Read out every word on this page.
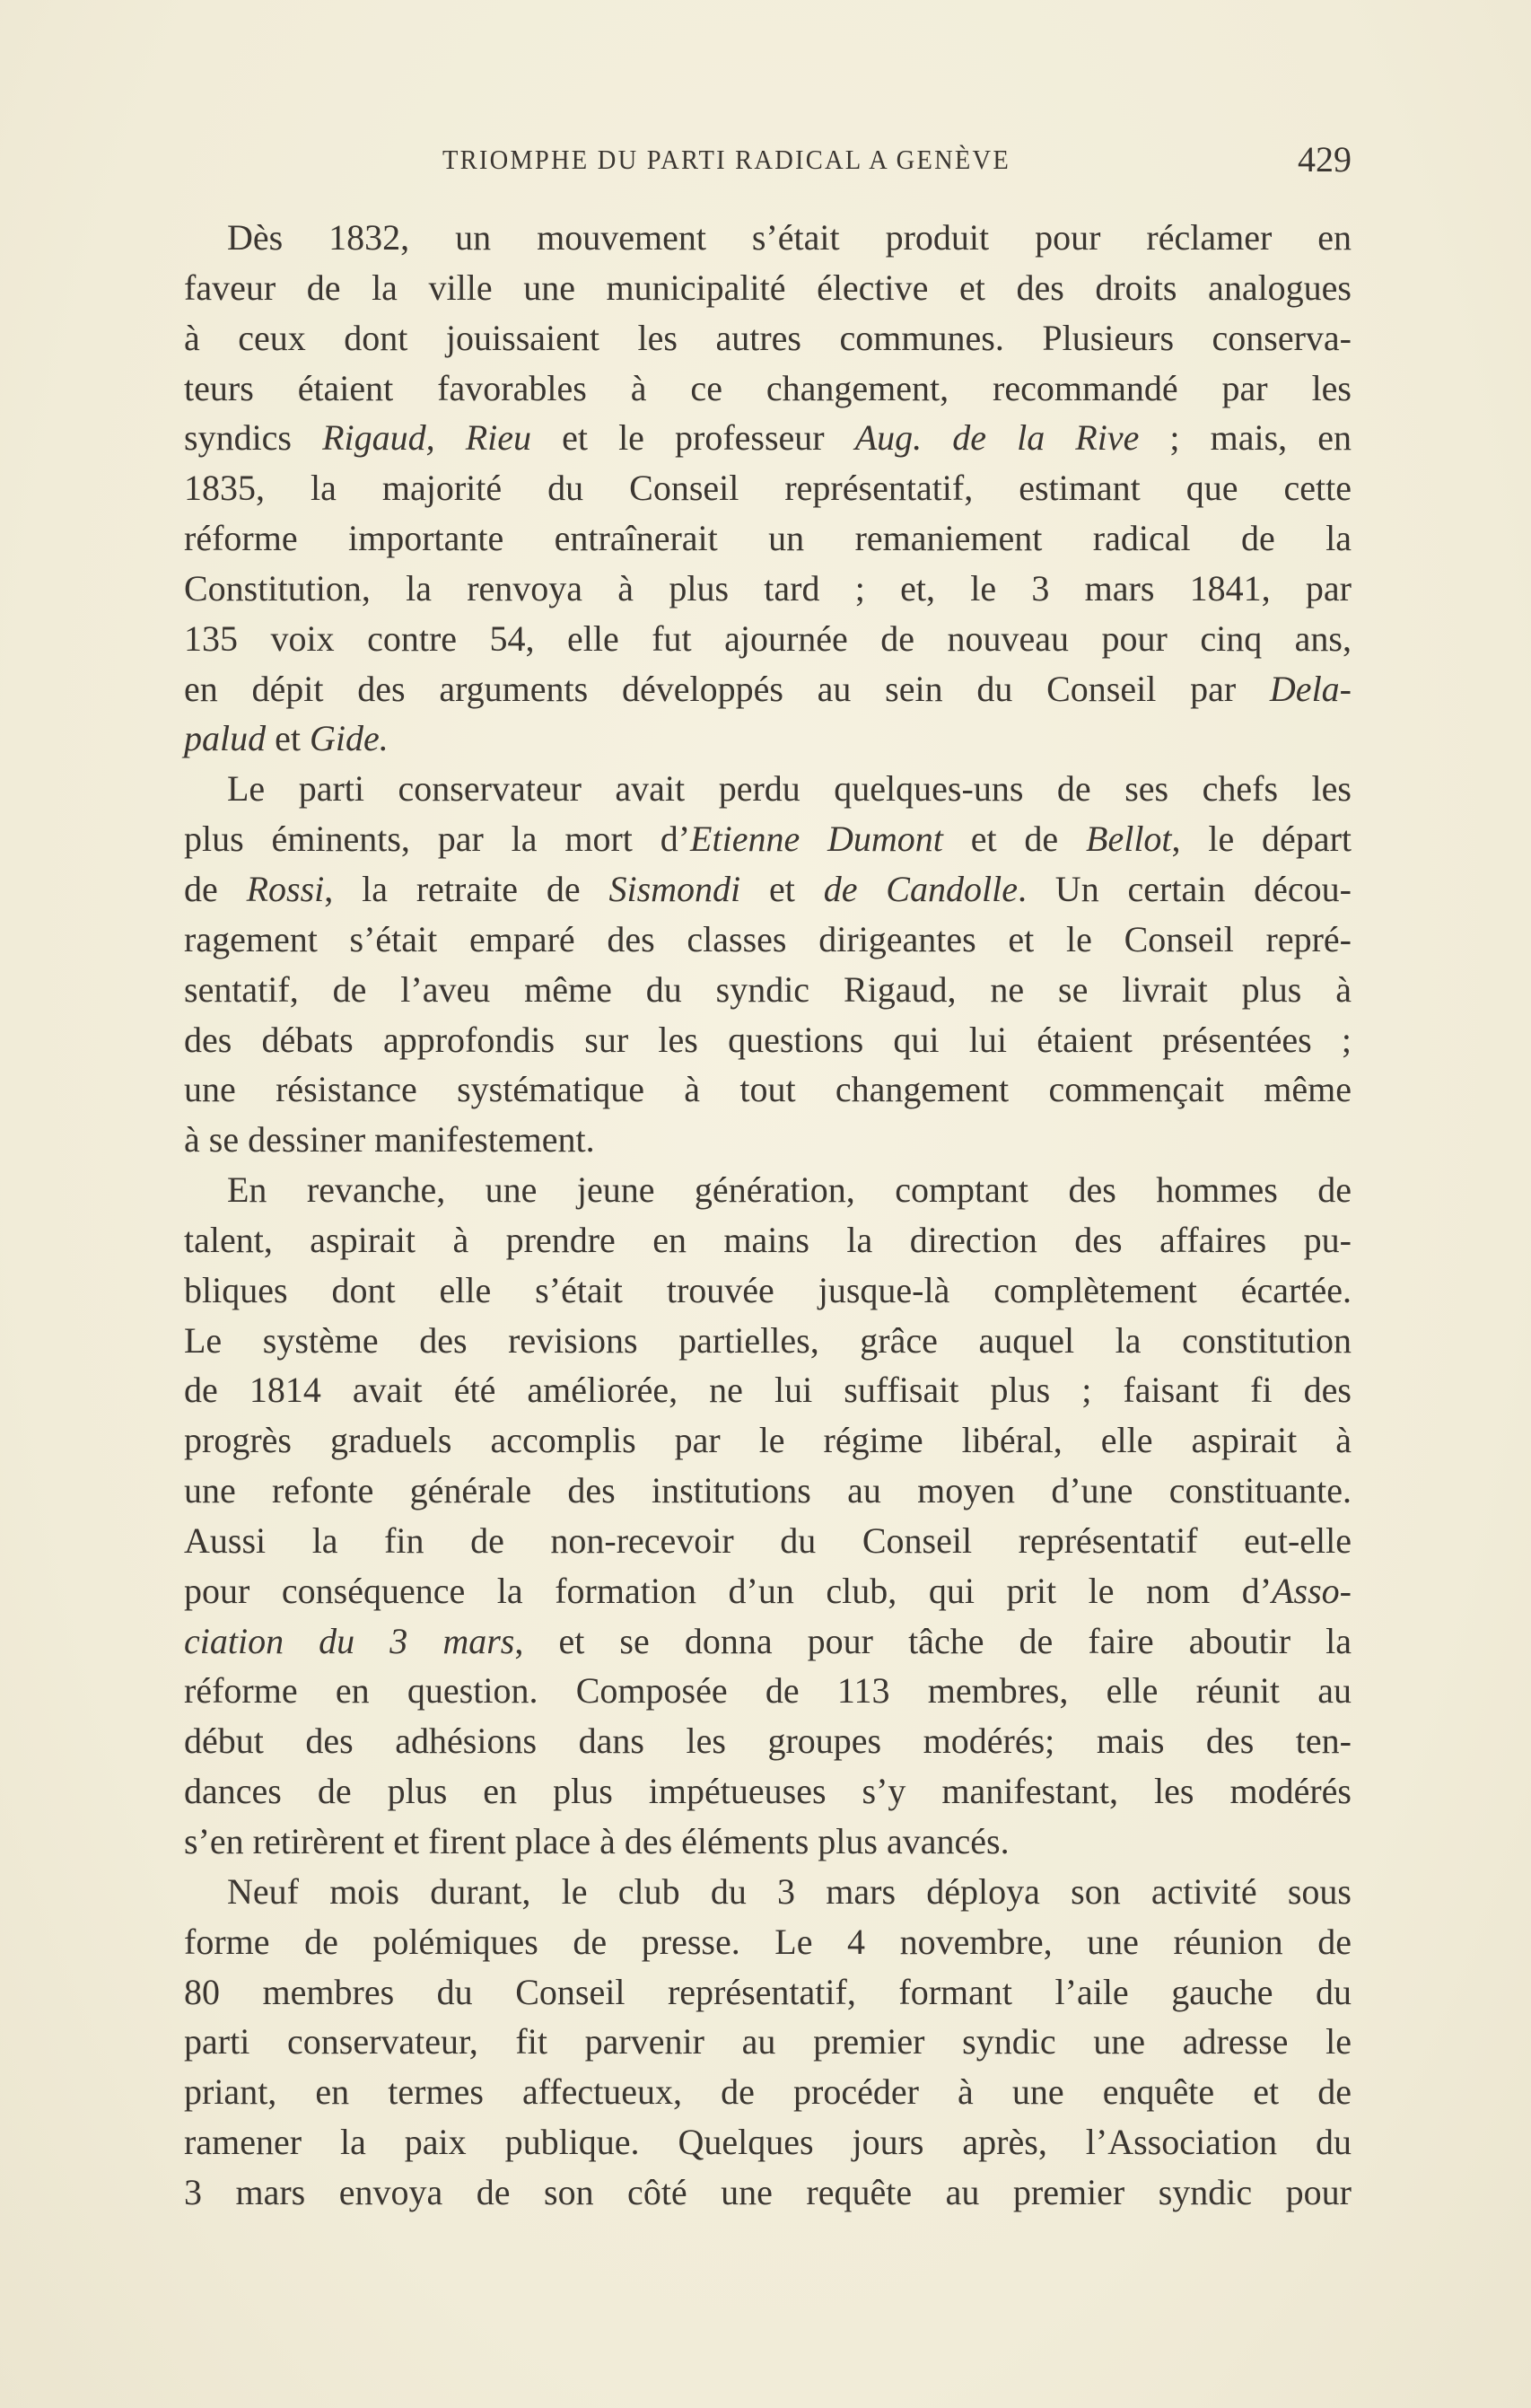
TRIOMPHE DU PARTI RADICAL A GENÈVE	429
Dès 1832, un mouvement s’était produit pour réclamer en
faveur de la ville une municipalité élective et des droits analogues
à ceux dont jouissaient les autres communes. Plusieurs conserva-
teurs étaient favorables à ce changement, recommandé par les
syndics Rigaud, Rieu et le professeur Aug. de la Rive ; mais, en
1835, la majorité du Conseil représentatif, estimant que cette
réforme importante entraînerait un remaniement radical de la
Constitution, la renvoya à plus tard ; et, le 3 mars 1841, par
135 voix contre 54, elle fut ajournée de nouveau pour cinq ans,
en dépit des arguments développés au sein du Conseil par Dela-
palud et Gide.
Le parti conservateur avait perdu quelques-uns de ses chefs les
plus éminents, par la mort d’Etienne Dumont et de Bellot, le départ
de Rossi, la retraite de Sismondi et de Candolle. Un certain décou-
ragement s’était emparé des classes dirigeantes et le Conseil repré-
sentatif, de l’aveu même du syndic Rigaud, ne se livrait plus à
des débats approfondis sur les questions qui lui étaient présentées ;
une résistance systématique à tout changement commençait même
à se dessiner manifestement.
En revanche, une jeune génération, comptant des hommes de
talent, aspirait à prendre en mains la direction des affaires pu-
bliques dont elle s’était trouvée jusque-là complètement écartée.
Le système des revisions partielles, grâce auquel la constitution
de 1814 avait été améliorée, ne lui suffisait plus ; faisant fi des
progrès graduels accomplis par le régime libéral, elle aspirait à
une refonte générale des institutions au moyen d’une constituante.
Aussi la fin de non-recevoir du Conseil représentatif eut-elle
pour conséquence la formation d’un club, qui prit le nom d’Asso-
ciation du 3 mars, et se donna pour tâche de faire aboutir la
réforme en question. Composée de 113 membres, elle réunit au
début des adhésions dans les groupes modérés; mais des ten-
dances de plus en plus impétueuses s’y manifestant, les modérés
s’en retirèrent et firent place à des éléments plus avancés.
Neuf mois durant, le club du 3 mars déploya son activité sous
forme de polémiques de presse. Le 4 novembre, une réunion de
80 membres du Conseil représentatif, formant l’aile gauche du
parti conservateur, fit parvenir au premier syndic une adresse le
priant, en termes affectueux, de procéder à une enquête et de
ramener la paix publique. Quelques jours après, l’Association du
3 mars envoya de son côté une requête au premier syndic pour
